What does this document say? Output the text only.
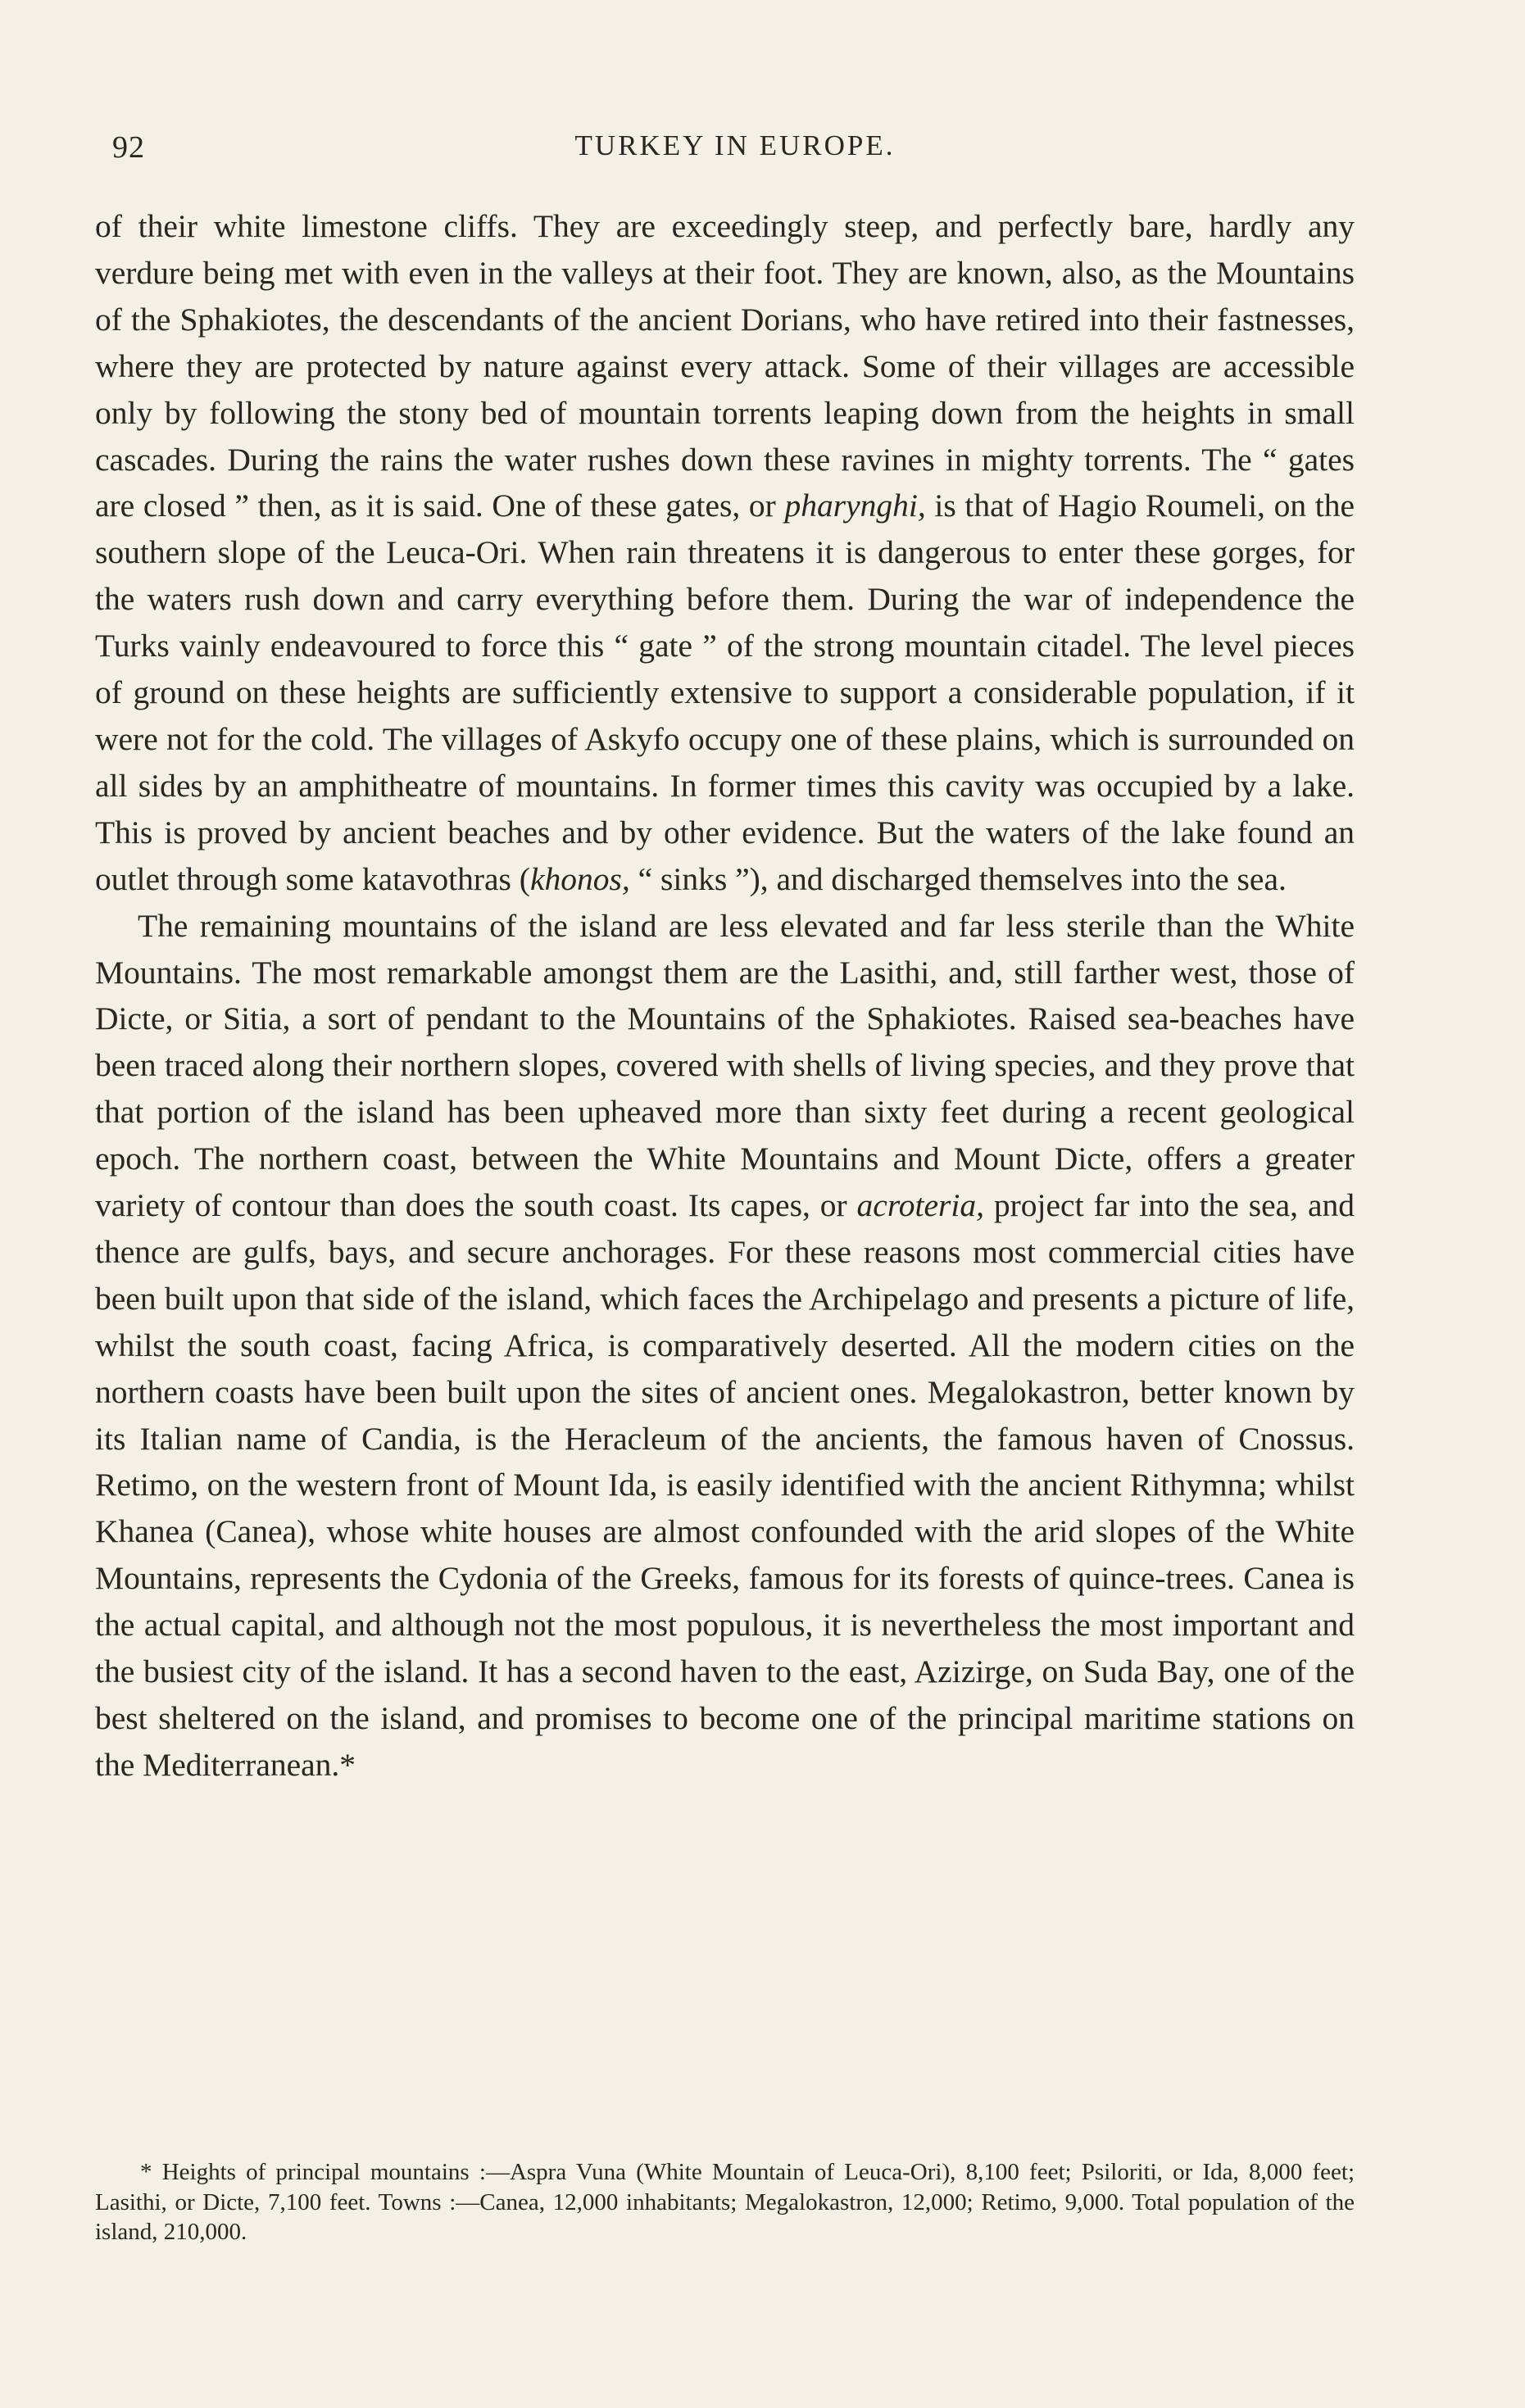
92	TURKEY IN EUROPE.

of their white limestone cliffs. They are exceedingly steep, and perfectly bare, hardly any verdure being met with even in the valleys at their foot. They are known, also, as the Mountains of the Sphakiotes, the descendants of the ancient Dorians, who have retired into their fastnesses, where they are protected by nature against every attack. Some of their villages are accessible only by following the stony bed of mountain torrents leaping down from the heights in small cascades. During the rains the water rushes down these ravines in mighty torrents. The “ gates are closed ” then, as it is said. One of these gates, or pharynghi, is that of Hagio Roumeli, on the southern slope of the Leuca-Ori. When rain threatens it is dangerous to enter these gorges, for the waters rush down and carry everything before them. During the war of independence the Turks vainly endeavoured to force this “ gate ” of the strong mountain citadel. The level pieces of ground on these heights are sufficiently extensive to support a considerable population, if it were not for the cold. The villages of Askyfo occupy one of these plains, which is surrounded on all sides by an amphitheatre of mountains. In former times this cavity was occupied by a lake. This is proved by ancient beaches and by other evidence. But the waters of the lake found an outlet through some katavothras (khonos, “ sinks ”), and discharged themselves into the sea.

The remaining mountains of the island are less elevated and far less sterile than the White Mountains. The most remarkable amongst them are the Lasithi, and, still farther west, those of Dicte, or Sitia, a sort of pendant to the Mountains of the Sphakiotes. Raised sea-beaches have been traced along their northern slopes, covered with shells of living species, and they prove that that portion of the island has been upheaved more than sixty feet during a recent geological epoch. The northern coast, between the White Mountains and Mount Dicte, offers a greater variety of contour than does the south coast. Its capes, or acroteria, project far into the sea, and thence are gulfs, bays, and secure anchorages. For these reasons most commercial cities have been built upon that side of the island, which faces the Archipelago and presents a picture of life, whilst the south coast, facing Africa, is comparatively deserted. All the modern cities on the northern coasts have been built upon the sites of ancient ones. Megalokastron, better known by its Italian name of Candia, is the Heracleum of the ancients, the famous haven of Cnossus. Retimo, on the western front of Mount Ida, is easily identified with the ancient Rithymna; whilst Khanea (Canea), whose white houses are almost confounded with the arid slopes of the White Mountains, represents the Cydonia of the Greeks, famous for its forests of quince-trees. Canea is the actual capital, and although not the most populous, it is nevertheless the most important and the busiest city of the island. It has a second haven to the east, Azizirge, on Suda Bay, one of the best sheltered on the island, and promises to become one of the principal maritime stations on the Mediterranean.*

* Heights of principal mountains :—Aspra Vuna (White Mountain of Leuca-Ori), 8,100 feet; Psiloriti, or Ida, 8,000 feet; Lasithi, or Dicte, 7,100 feet. Towns :—Canea, 12,000 inhabitants; Megalokastron, 12,000; Retimo, 9,000. Total population of the island, 210,000.
